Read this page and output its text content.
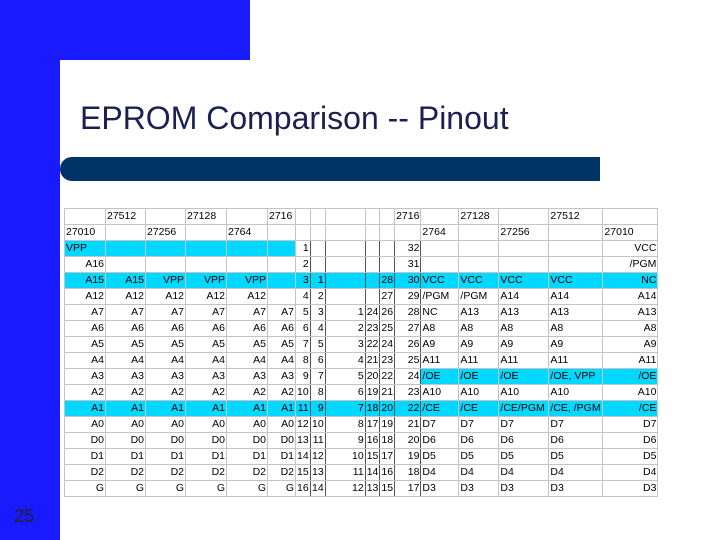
EPROM Comparison -- Pinout
	27512		27128		2716						2716		27128		27512	
27010		27256		2764								2764		27256		27010
VPP						1					32					VCC
A16						2					31					/PGM
A15	A15	VPP	VPP	VPP		3	1			28	30	VCC	VCC	VCC	VCC	NC
A12	A12	A12	A12	A12		4	2			27	29	/PGM	/PGM	A14	A14	A14
A7	A7	A7	A7	A7	A7	5	3	1	24	26	28	NC	A13	A13	A13	A13
A6	A6	A6	A6	A6	A6	6	4	2	23	25	27	A8	A8	A8	A8	A8
A5	A5	A5	A5	A5	A5	7	5	3	22	24	26	A9	A9	A9	A9	A9
A4	A4	A4	A4	A4	A4	8	6	4	21	23	25	A11	A11	A11	A11	A11
A3	A3	A3	A3	A3	A3	9	7	5	20	22	24	/OE	/OE	/OE	/OE, VPP	/OE
A2	A2	A2	A2	A2	A2	10	8	6	19	21	23	A10	A10	A10	A10	A10
A1	A1	A1	A1	A1	A1	11	9	7	18	20	22	/CE	/CE	/CE/PGM	/CE, /PGM	/CE
A0	A0	A0	A0	A0	A0	12	10	8	17	19	21	D7	D7	D7	D7	D7
D0	D0	D0	D0	D0	D0	13	11	9	16	18	20	D6	D6	D6	D6	D6
D1	D1	D1	D1	D1	D1	14	12	10	15	17	19	D5	D5	D5	D5	D5
D2	D2	D2	D2	D2	D2	15	13	11	14	16	18	D4	D4	D4	D4	D4
G	G	G	G	G	G	16	14	12	13	15	17	D3	D3	D3	D3	D3
25
